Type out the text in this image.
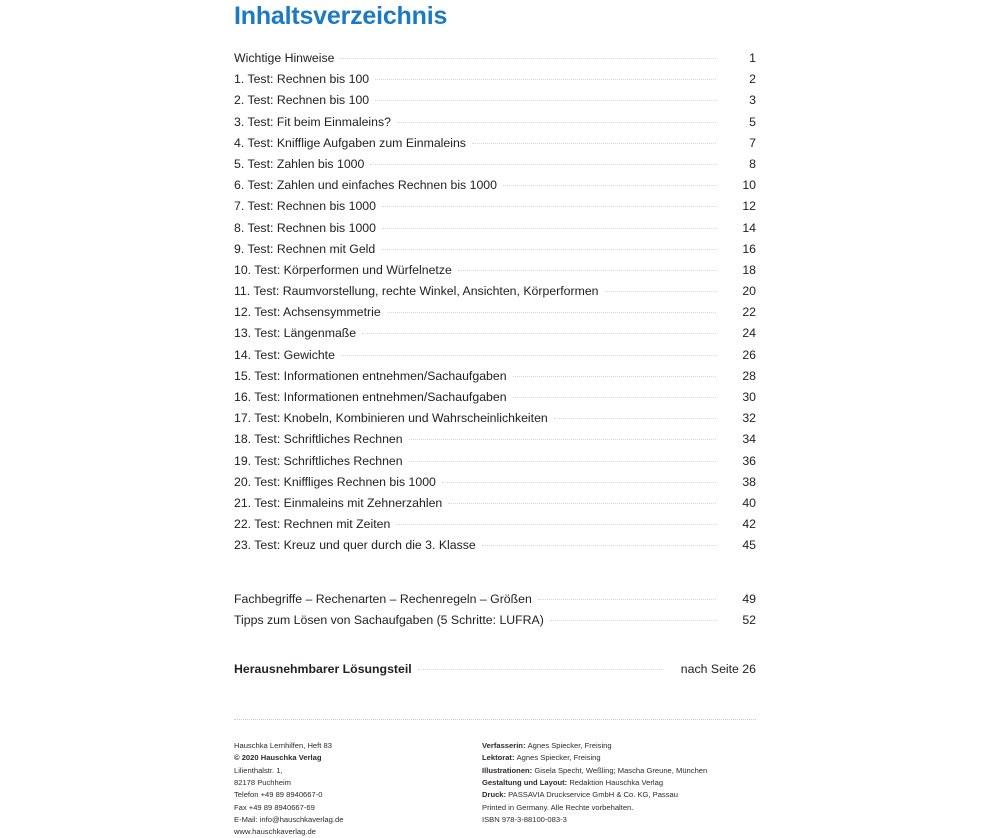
Inhaltsverzeichnis
Wichtige Hinweise	1
1. Test: Rechnen bis 100	2
2. Test: Rechnen bis 100	3
3. Test: Fit beim Einmaleins?	5
4. Test: Knifflige Aufgaben zum Einmaleins	7
5. Test: Zahlen bis 1000	8
6. Test: Zahlen und einfaches Rechnen bis 1000	10
7. Test: Rechnen bis 1000	12
8. Test: Rechnen bis 1000	14
9. Test: Rechnen mit Geld	16
10. Test: Körperformen und Würfelnetze	18
11. Test: Raumvorstellung, rechte Winkel, Ansichten, Körperformen	20
12. Test: Achsensymmetrie	22
13. Test: Längenmaße	24
14. Test: Gewichte	26
15. Test: Informationen entnehmen/Sachaufgaben	28
16. Test: Informationen entnehmen/Sachaufgaben	30
17. Test: Knobeln, Kombinieren und Wahrscheinlichkeiten	32
18. Test: Schriftliches Rechnen	34
19. Test: Schriftliches Rechnen	36
20. Test: Kniffliges Rechnen bis 1000	38
21. Test: Einmaleins mit Zehnerzahlen	40
22. Test: Rechnen mit Zeiten	42
23. Test: Kreuz und quer durch die 3. Klasse	45
Fachbegriffe – Rechenarten – Rechenregeln – Größen	49
Tipps zum Lösen von Sachaufgaben (5 Schritte: LUFRA)	52
Herausnehmbarer Lösungsteil	nach Seite 26

Hauschka Lernhilfen, Heft 83

© 2020 Hauschka Verlag

Lilienthalstr. 1,

82178 Puchheim

Telefon +49 89 8940667-0

Fax +49 89 8940667-69

E-Mail: info@hauschkaverlag.de

www.hauschkaverlag.de

Verfasserin: Agnes Spiecker, Freising

Lektorat: Agnes Spiecker, Freising

Illustrationen: Gisela Specht, Weßling; Mascha Greune, München

Gestaltung und Layout: Redaktion Hauschka Verlag

Druck: PASSAVIA Druckservice GmbH & Co. KG, Passau

Printed in Germany. Alle Rechte vorbehalten.

ISBN 978-3-88100-083-3
